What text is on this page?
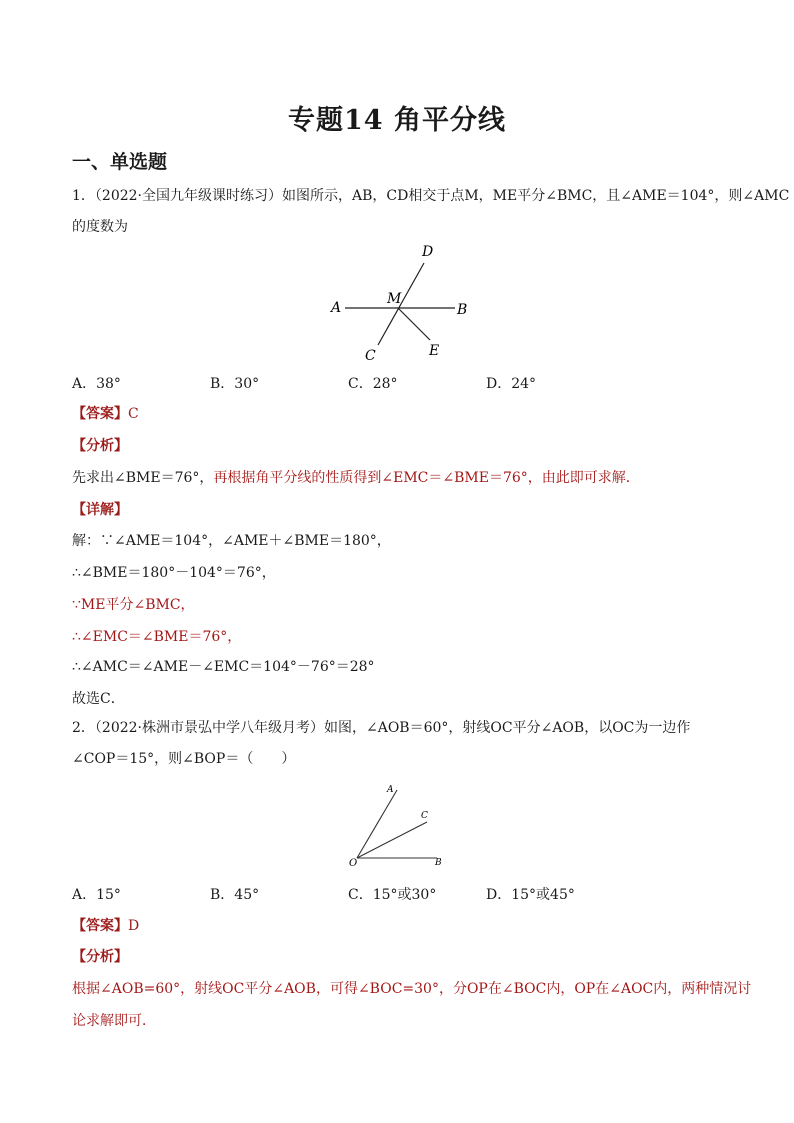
专题14 角平分线
一、单选题
1．（2022·全国九年级课时练习）如图所示，AB，CD相交于点M，ME平分∠BMC，且∠AME＝104°，则∠AMC
的度数为
A	B
C
D
E
M
A．38°	B．30°	C．28°	D．24°
【答案】C
【分析】
先求出∠BME＝76°，再根据角平分线的性质得到∠EMC＝∠BME＝76°，由此即可求解．
【详解】
解：∵∠AME＝104°，∠AME＋∠BME＝180°，
∴∠BME＝180°－104°＝76°，
∵ME平分∠BMC，
∴∠EMC＝∠BME＝76°，
∴∠AMC＝∠AME－∠EMC＝104°－76°＝28°
故选C．
2．（2022·株洲市景弘中学八年级月考）如图，∠AOB＝60°，射线OC平分∠AOB，以OC为一边作
∠COP＝15°，则∠BOP＝（　　）
A
C
B
O
A．15°	B．45°	C．15°或30°	D．15°或45°
【答案】D
【分析】
根据∠AOB=60°，射线OC平分∠AOB，可得∠BOC=30°，分OP在∠BOC内，OP在∠AOC内，两种情况讨
论求解即可．
